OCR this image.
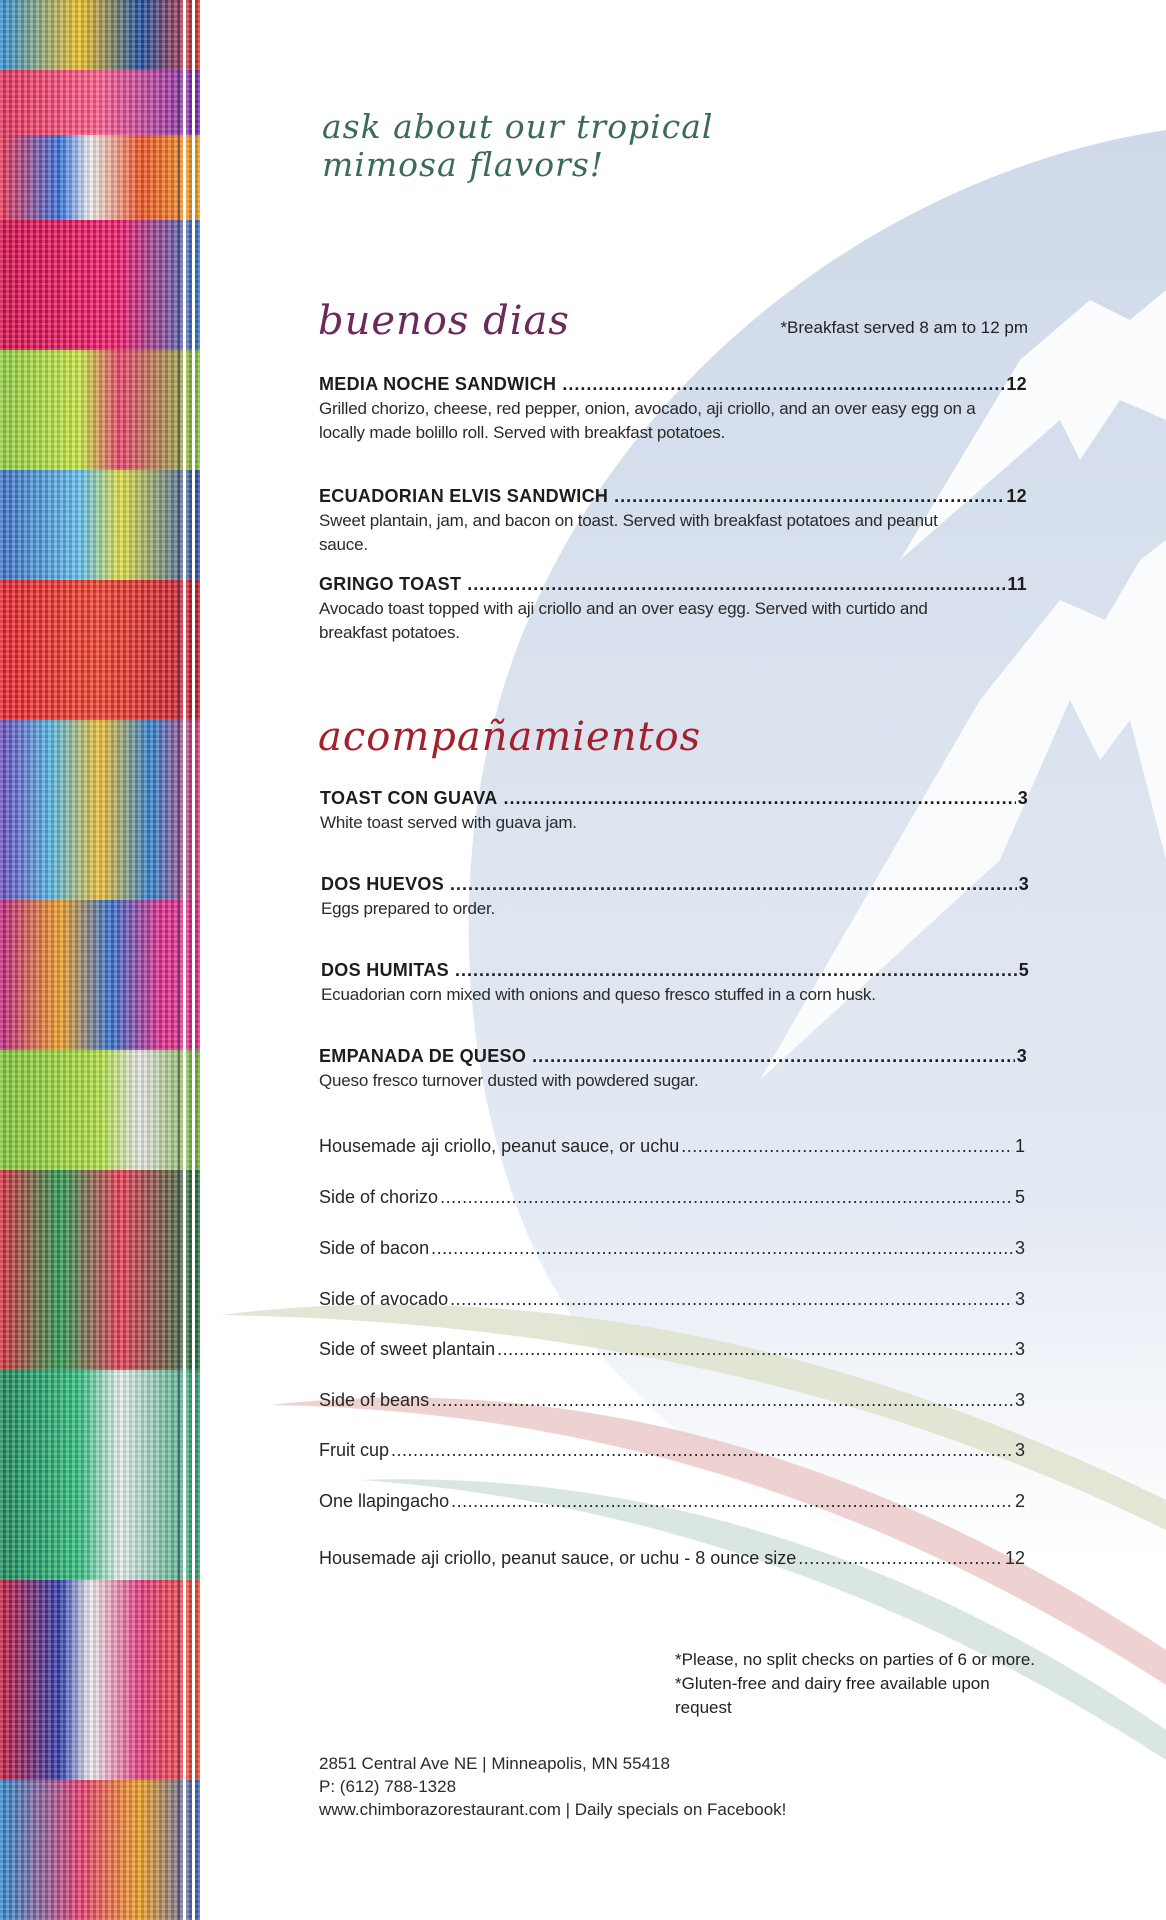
ask about our tropical
mimosa flavors!
buenos dias	*Breakfast served 8 am to 12 pm
MEDIA NOCHE SANDWICH .....	12
Grilled chorizo, cheese, red pepper, onion, avocado, aji criollo, and an over easy egg on a locally made bolillo roll. Served with breakfast potatoes.
ECUADORIAN ELVIS SANDWICH .....	12
Sweet plantain, jam, and bacon on toast. Served with breakfast potatoes and peanut sauce.
GRINGO TOAST .....	11
Avocado toast topped with aji criollo and an over easy egg. Served with curtido and breakfast potatoes.
acompañamientos
TOAST CON GUAVA .....	3
White toast served with guava jam.
DOS HUEVOS .....	3
Eggs prepared to order.
DOS HUMITAS .....	5
Ecuadorian corn mixed with onions and queso fresco stuffed in a corn husk.
EMPANADA DE QUESO .....	3
Queso fresco turnover dusted with powdered sugar.
Housemade aji criollo, peanut sauce, or uchu .....	1
Side of chorizo .....	5
Side of bacon .....	3
Side of avocado .....	3
Side of sweet plantain .....	3
Side of beans .....	3
Fruit cup .....	3
One llapingacho .....	2
Housemade aji criollo, peanut sauce, or uchu - 8 ounce size .....	12
*Please, no split checks on parties of 6 or more.
*Gluten-free and dairy free available upon request
2851 Central Ave NE | Minneapolis, MN 55418
P: (612) 788-1328
www.chimborazorestaurant.com | Daily specials on Facebook!
